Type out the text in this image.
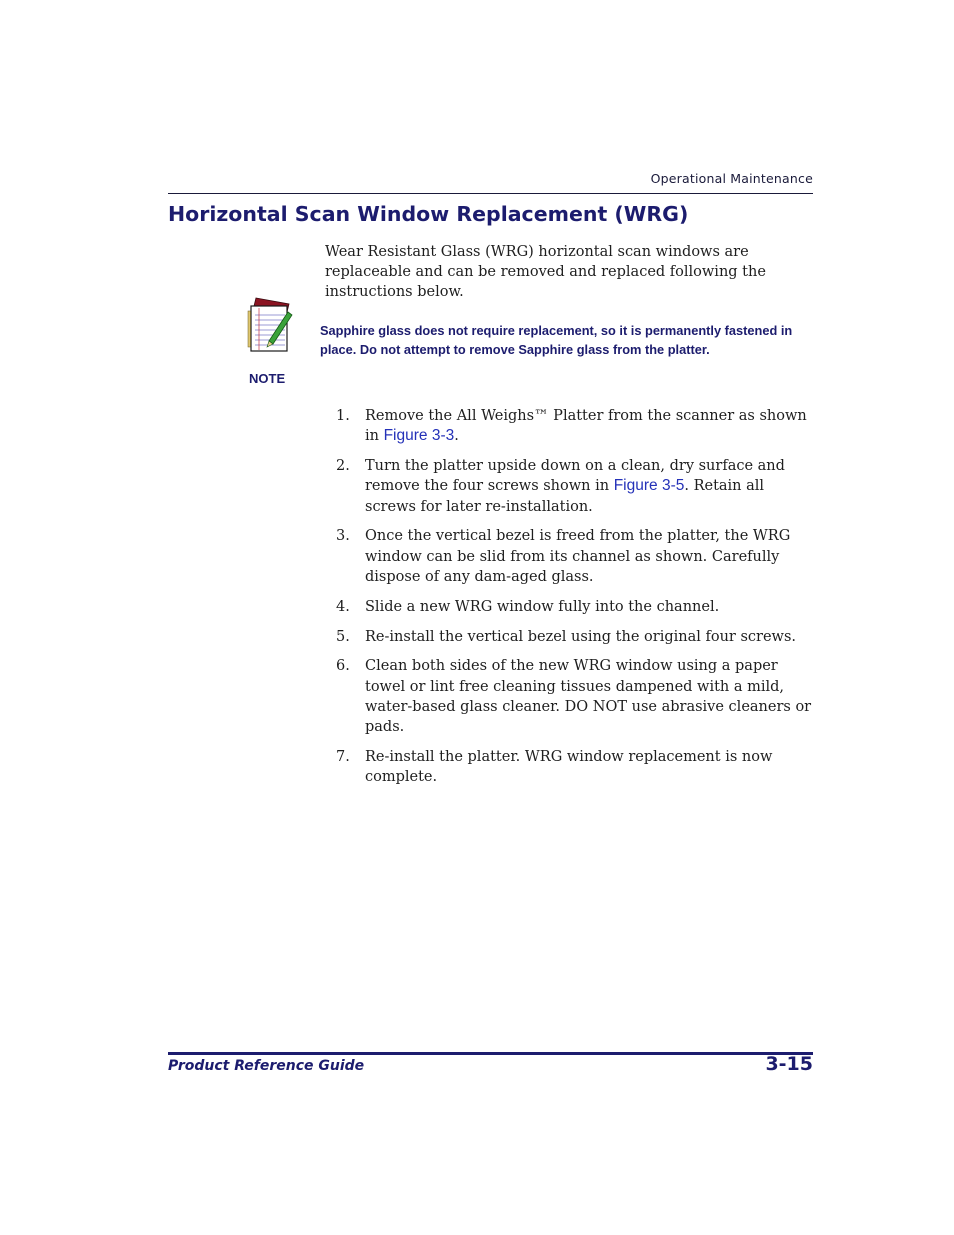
Operational Maintenance
Horizontal Scan Window Replacement (WRG)

Wear Resistant Glass (WRG) horizontal scan windows are replaceable and can be removed and replaced following the instructions below.

NOTE

Sapphire glass does not require replacement, so it is permanently fastened in place. Do not attempt to remove Sapphire glass from the platter.

1. Remove the All Weighs™ Platter from the scanner as shown in Figure 3-3.
2. Turn the platter upside down on a clean, dry surface and remove the four screws shown in Figure 3-5. Retain all screws for later re-installation.
3. Once the vertical bezel is freed from the platter, the WRG window can be slid from its channel as shown. Carefully dispose of any dam-aged glass.
4. Slide a new WRG window fully into the channel.
5. Re-install the vertical bezel using the original four screws.
6. Clean both sides of the new WRG window using a paper towel or lint free cleaning tissues dampened with a mild, water-based glass cleaner. DO NOT use abrasive cleaners or pads.
7. Re-install the platter. WRG window replacement is now complete.
Product Reference Guide	3-15
